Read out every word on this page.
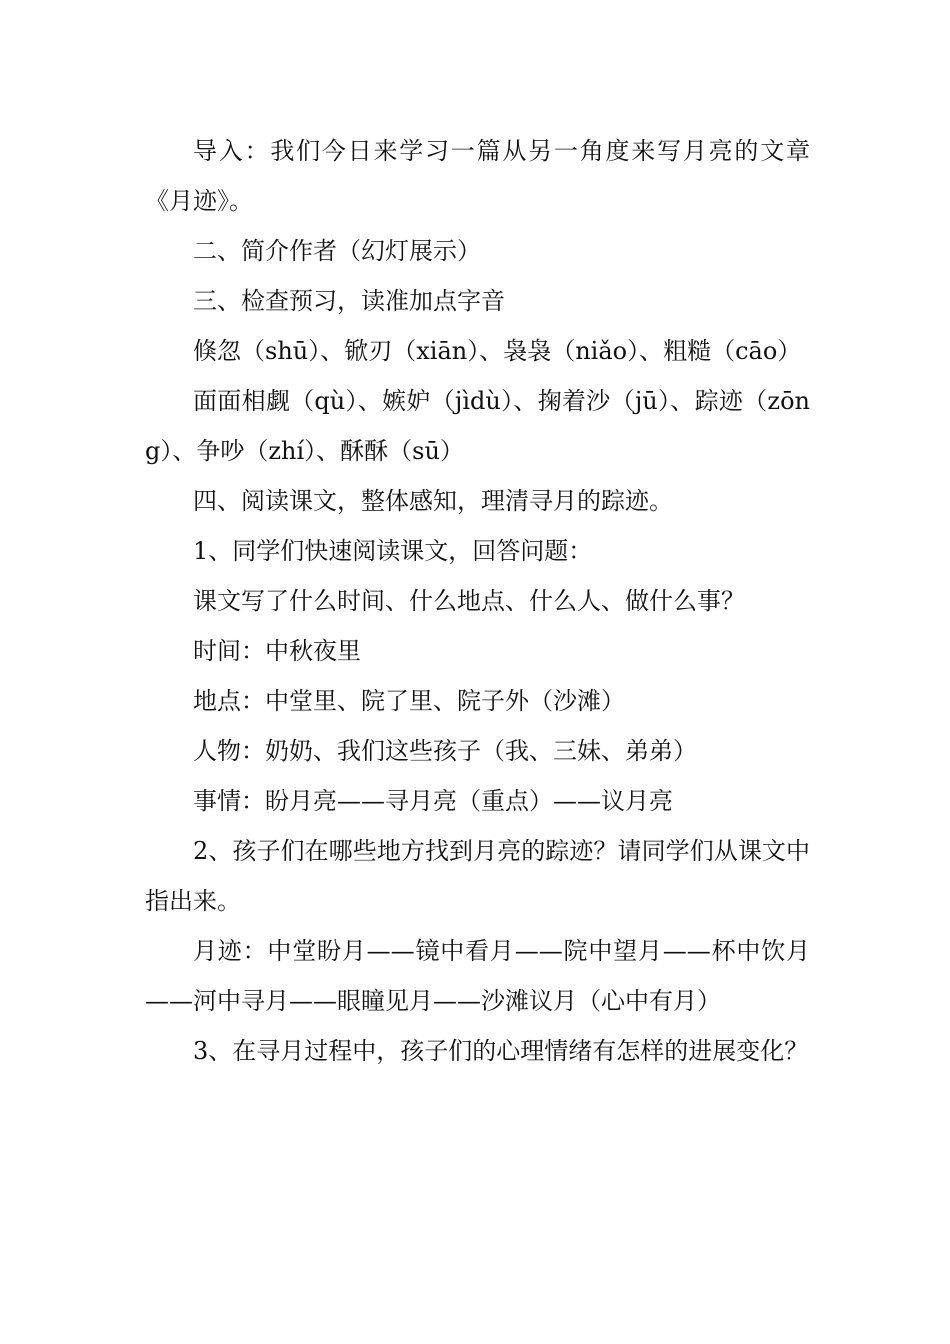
导入：我们今日来学习一篇从另一角度来写月亮的文章《月迹》。

二、简介作者（幻灯展示）

三、检查预习，读准加点字音

倏忽（shū）、锨刃（xiān）、袅袅（niǎo）、粗糙（cāo）

面面相觑（qù）、嫉妒（jìdù）、掬着沙（jū）、踪迹（zōng）、争吵（zhí）、酥酥（sū）

四、阅读课文，整体感知，理清寻月的踪迹。

1、同学们快速阅读课文，回答问题：

课文写了什么时间、什么地点、什么人、做什么事？

时间：中秋夜里

地点：中堂里、院了里、院子外（沙滩）

人物：奶奶、我们这些孩子（我、三妹、弟弟）

事情：盼月亮——寻月亮（重点）——议月亮

2、孩子们在哪些地方找到月亮的踪迹？请同学们从课文中指出来。

月迹：中堂盼月——镜中看月——院中望月——杯中饮月——河中寻月——眼瞳见月——沙滩议月（心中有月）

3、在寻月过程中，孩子们的心理情绪有怎样的进展变化？
